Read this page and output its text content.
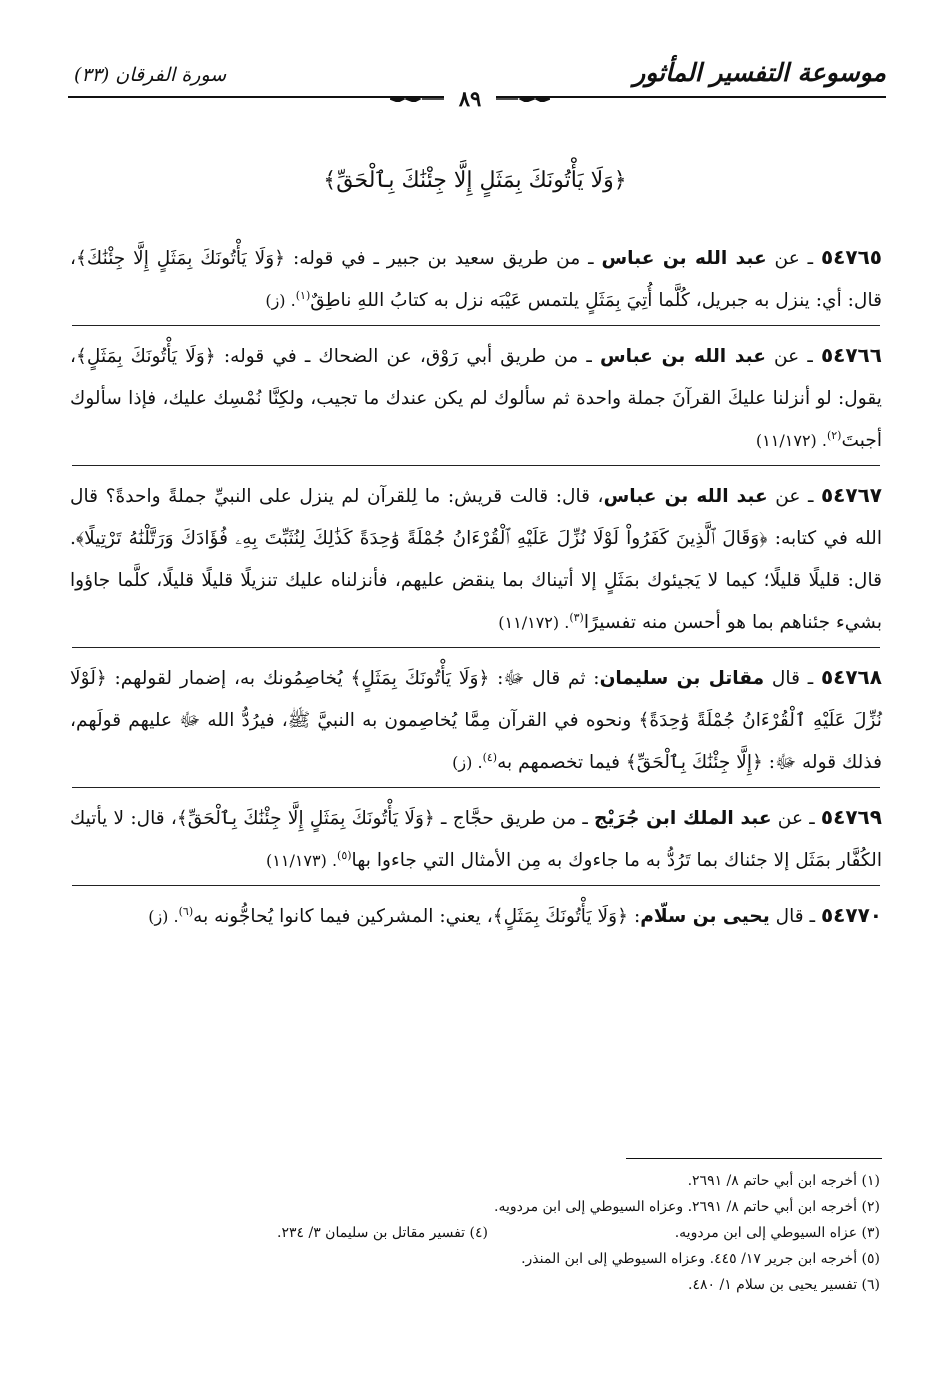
موسوعة التفسير المأثور
سورة الفرقان (٣٣)
٨٩
﴿وَلَا يَأْتُونَكَ بِمَثَلٍ إِلَّا جِئْنَٰكَ بِٱلْحَقِّ﴾

٥٤٧٦٥ ـ عن عبد الله بن عباس ـ من طريق سعيد بن جبير ـ في قوله: ﴿وَلَا يَأْتُونَكَ بِمَثَلٍ إِلَّا جِئْنَٰكَ﴾، قال: أي: ينزل به جبريل، كُلَّما أُتِيَ بِمَثَلٍ يلتمس عَيْبَه نزل به كتابُ اللهِ ناطِقٌ$^{(١)}$. (ز)

٥٤٧٦٦ ـ عن عبد الله بن عباس ـ من طريق أبي رَوْق، عن الضحاك ـ في قوله: ﴿وَلَا يَأْتُونَكَ بِمَثَلٍ﴾، يقول: لو أنزلنا عليكَ القرآنَ جملة واحدة ثم سألوك لم يكن عندك ما تجيب، ولكِنَّا نُمْسِك عليك، فإذا سألوك أجبتَ$^{(٢)}$. (١١/١٧٢)

٥٤٧٦٧ ـ عن عبد الله بن عباس، قال: قالت قريش: ما لِلقرآن لم ينزل على النبيِّ جملةً واحدةً؟ قال الله في كتابه: ﴿وَقَالَ ٱلَّذِينَ كَفَرُواْ لَوْلَا نُزِّلَ عَلَيْهِ ٱلْقُرْءَانُ جُمْلَةً وَٰحِدَةً كَذَٰلِكَ لِنُثَبِّتَ بِهِۦ فُؤَادَكَ وَرَتَّلْنَٰهُ تَرْتِيلًا﴾. قال: قليلًا قليلًا؛ كيما لا يَجيئوك بمَثَلٍ إلا أتيناك بما ينقض عليهم، فأنزلناه عليك تنزيلًا قليلًا قليلًا، كلَّما جاؤوا بشيء جئناهم بما هو أحسن منه تفسيرًا$^{(٣)}$. (١١/١٧٢)

٥٤٧٦٨ ـ قال مقاتل بن سليمان: ثم قال ﷻ: ﴿وَلَا يَأْتُونَكَ بِمَثَلٍ﴾ يُخاصِمُونك به، إضمار لقولهم: ﴿لَوْلَا نُزِّلَ عَلَيْهِ ٱلْقُرْءَانُ جُمْلَةً وَٰحِدَةً﴾ ونحوه في القرآن مِمَّا يُخاصِمون به النبيَّ ﷺ، فيرُدُّ الله ﷻ عليهم قولَهم، فذلك قوله ﷻ: ﴿إِلَّا جِئْنَٰكَ بِٱلْحَقِّ﴾ فيما تخصمهم به$^{(٤)}$. (ز)

٥٤٧٦٩ ـ عن عبد الملك ابن جُرَيْج ـ من طريق حجَّاج ـ ﴿وَلَا يَأْتُونَكَ بِمَثَلٍ إِلَّا جِئْنَٰكَ بِٱلْحَقِّ﴾، قال: لا يأتيك الكُفَّار بمَثَل إلا جئناك بما تَرُدُّ به ما جاءوك به مِن الأمثال التي جاءوا بها$^{(٥)}$. (١١/١٧٣)

٥٤٧٧٠ ـ قال يحيى بن سلّام: ﴿وَلَا يَأْتُونَكَ بِمَثَلٍ﴾، يعني: المشركين فيما كانوا يُحاجُّونه به$^{(٦)}$. (ز)

(١) أخرجه ابن أبي حاتم ٨/ ٢٦٩١.

(٢) أخرجه ابن أبي حاتم ٨/ ٢٦٩١. وعزاه السيوطي إلى ابن مردويه.

(٣) عزاه السيوطي إلى ابن مردويه.

(٤) تفسير مقاتل بن سليمان ٣/ ٢٣٤.

(٥) أخرجه ابن جرير ١٧/ ٤٤٥. وعزاه السيوطي إلى ابن المنذر.

(٦) تفسير يحيى بن سلام ١/ ٤٨٠.
